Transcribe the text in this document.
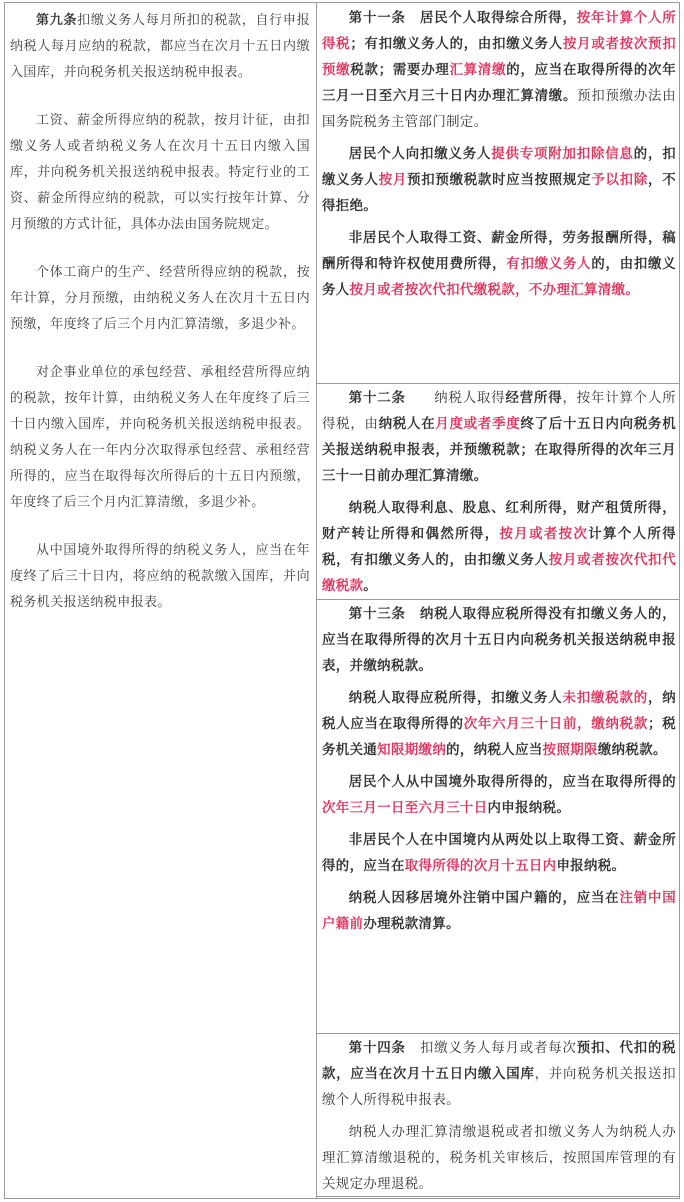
第九条扣缴义务人每月所扣的税款，自行申报纳税人每月应纳的税款，都应当在次月十五日内缴入国库，并向税务机关报送纳税申报表。

工资、薪金所得应纳的税款，按月计征，由扣缴义务人或者纳税义务人在次月十五日内缴入国库，并向税务机关报送纳税申报表。特定行业的工资、薪金所得应纳的税款，可以实行按年计算、分月预缴的方式计征，具体办法由国务院规定。

个体工商户的生产、经营所得应纳的税款，按年计算，分月预缴，由纳税义务人在次月十五日内预缴，年度终了后三个月内汇算清缴，多退少补。

对企事业单位的承包经营、承租经营所得应纳的税款，按年计算，由纳税义务人在年度终了后三十日内缴入国库，并向税务机关报送纳税申报表。纳税义务人在一年内分次取得承包经营、承租经营所得的，应当在取得每次所得后的十五日内预缴，年度终了后三个月内汇算清缴，多退少补。

从中国境外取得所得的纳税义务人，应当在年度终了后三十日内，将应纳的税款缴入国库，并向税务机关报送纳税申报表。

第十一条　居民个人取得综合所得，按年计算个人所得税；有扣缴义务人的，由扣缴义务人按月或者按次预扣预缴税款；需要办理汇算清缴的，应当在取得所得的次年三月一日至六月三十日内办理汇算清缴。预扣预缴办法由国务院税务主管部门制定。

居民个人向扣缴义务人提供专项附加扣除信息的，扣缴义务人按月预扣预缴税款时应当按照规定予以扣除，不得拒绝。

非居民个人取得工资、薪金所得，劳务报酬所得，稿酬所得和特许权使用费所得，有扣缴义务人的，由扣缴义务人按月或者按次代扣代缴税款，不办理汇算清缴。

第十二条　　纳税人取得经营所得，按年计算个人所得税，由纳税人在月度或者季度终了后十五日内向税务机关报送纳税申报表，并预缴税款；在取得所得的次年三月三十一日前办理汇算清缴。

纳税人取得利息、股息、红利所得，财产租赁所得，财产转让所得和偶然所得，按月或者按次计算个人所得税，有扣缴义务人的，由扣缴义务人按月或者按次代扣代缴税款。

第十三条　纳税人取得应税所得没有扣缴义务人的，应当在取得所得的次月十五日内向税务机关报送纳税申报表，并缴纳税款。

纳税人取得应税所得，扣缴义务人未扣缴税款的，纳税人应当在取得所得的次年六月三十日前，缴纳税款；税务机关通知限期缴纳的，纳税人应当按照期限缴纳税款。

居民个人从中国境外取得所得的，应当在取得所得的次年三月一日至六月三十日内申报纳税。

非居民个人在中国境内从两处以上取得工资、薪金所得的，应当在取得所得的次月十五日内申报纳税。

纳税人因移居境外注销中国户籍的，应当在注销中国户籍前办理税款清算。

第十四条　扣缴义务人每月或者每次预扣、代扣的税款，应当在次月十五日内缴入国库，并向税务机关报送扣缴个人所得税申报表。

纳税人办理汇算清缴退税或者扣缴义务人为纳税人办理汇算清缴退税的，税务机关审核后，按照国库管理的有关规定办理退税。
